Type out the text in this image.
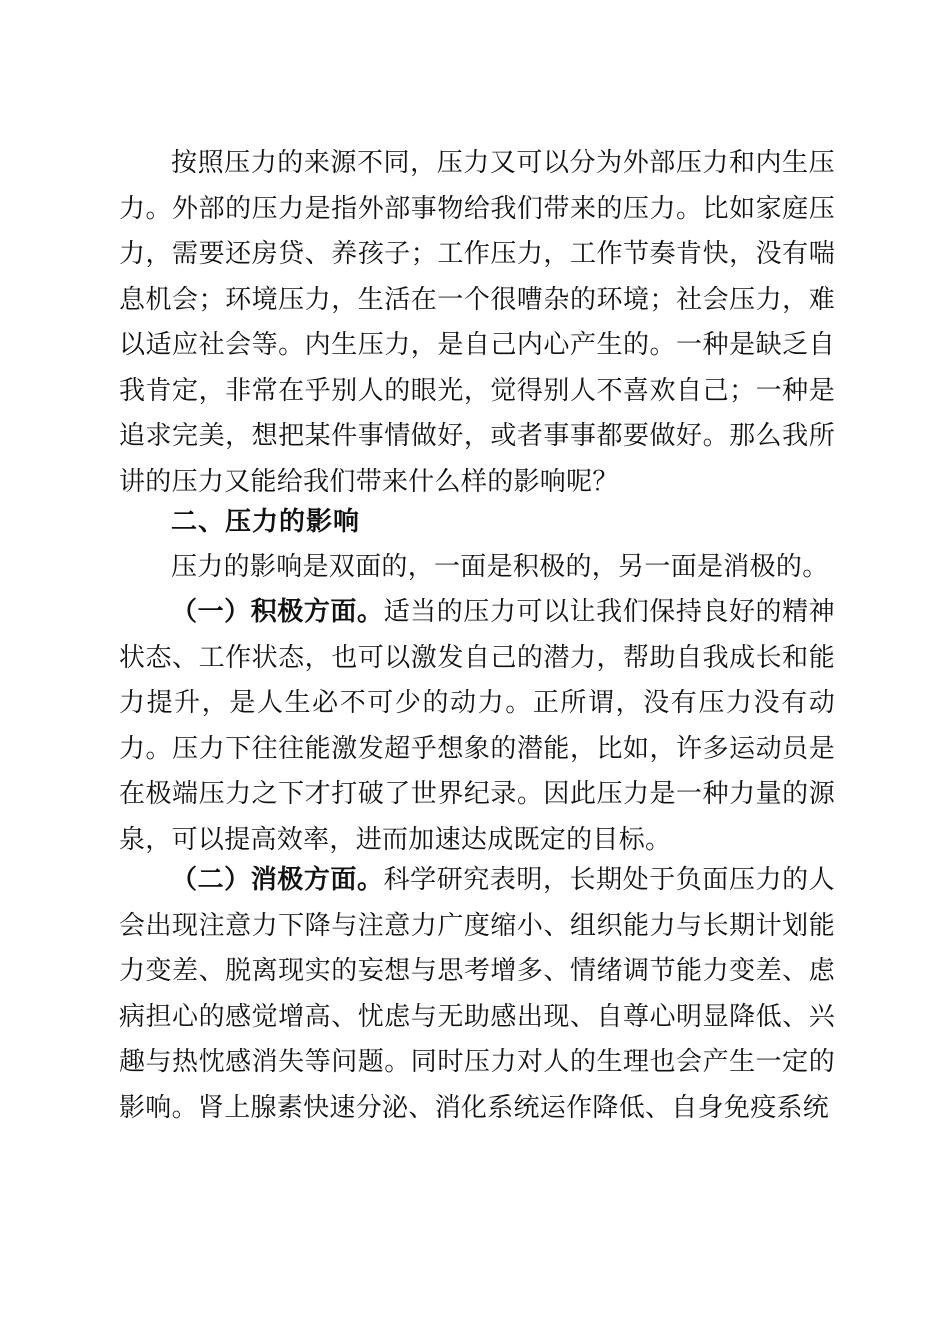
按照压力的来源不同，压力又可以分为外部压力和内生压力。外部的压力是指外部事物给我们带来的压力。比如家庭压力，需要还房贷、养孩子；工作压力，工作节奏肯快，没有喘息机会；环境压力，生活在一个很嘈杂的环境；社会压力，难以适应社会等。内生压力，是自己内心产生的。一种是缺乏自我肯定，非常在乎别人的眼光，觉得别人不喜欢自己；一种是追求完美，想把某件事情做好，或者事事都要做好。那么我所讲的压力又能给我们带来什么样的影响呢？
二、压力的影响
压力的影响是双面的，一面是积极的，另一面是消极的。
（一）积极方面。适当的压力可以让我们保持良好的精神状态、工作状态，也可以激发自己的潜力，帮助自我成长和能力提升，是人生必不可少的动力。正所谓，没有压力没有动力。压力下往往能激发超乎想象的潜能，比如，许多运动员是在极端压力之下才打破了世界纪录。因此压力是一种力量的源泉，可以提高效率，进而加速达成既定的目标。
（二）消极方面。科学研究表明，长期处于负面压力的人会出现注意力下降与注意力广度缩小、组织能力与长期计划能力变差、脱离现实的妄想与思考增多、情绪调节能力变差、虑病担心的感觉增高、忧虑与无助感出现、自尊心明显降低、兴趣与热忱感消失等问题。同时压力对人的生理也会产生一定的影响。肾上腺素快速分泌、消化系统运作降低、自身免疫系统
